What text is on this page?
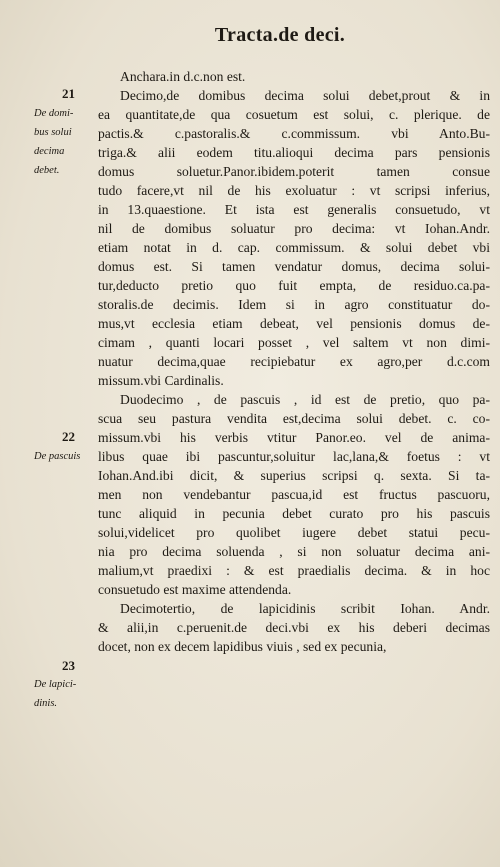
Tracta.de deci.
Anchara.in d.c.non est.
Decimo,de domibus decima solui debet,prout & in
ea quantitate,de qua cosuetum est solui, c. plerique. de
pactis.& c.pastoralis.& c.commissum. vbi Anto.Bu-
triga.& alii eodem titu.alioqui decima pars pensionis
domus soluetur.Panor.ibidem.poterit tamen consue
tudo facere,vt nil de his exoluatur : vt scripsi inferius,
in 13.quaestione. Et ista est generalis consuetudo, vt
nil de domibus soluatur pro decima: vt Iohan.Andr.
etiam notat in d. cap. commissum. & solui debet vbi
domus est. Si tamen vendatur domus, decima solui-
tur,deducto pretio quo fuit empta, de residuo.ca.pa-
storalis.de decimis. Idem si in agro constituatur do-
mus,vt ecclesia etiam debeat, vel pensionis domus de-
cimam , quanti locari posset , vel saltem vt non dimi-
nuatur decima,quae recipiebatur ex agro,per d.c.com
missum.vbi Cardinalis.
Duodecimo , de pascuis , id est de pretio, quo pa-
scua seu pastura vendita est,decima solui debet. c. co-
missum.vbi his verbis vtitur Panor.eo. vel de anima-
libus quae ibi pascuntur,soluitur lac,lana,& foetus : vt
Iohan.And.ibi dicit, & superius scripsi q. sexta. Si ta-
men non vendebantur pascua,id est fructus pascuoru,
tunc aliquid in pecunia debet curato pro his pascuis
solui,videlicet pro quolibet iugere debet statui pecu-
nia pro decima soluenda , si non soluatur decima ani-
malium,vt praedixi : & est praedialis decima. & in hoc
consuetudo est maxime attendenda.
Decimotertio, de lapicidinis scribit Iohan. Andr.
& alii,in c.peruenit.de deci.vbi ex his deberi decimas
docet, non ex decem lapidibus viuis , sed ex pecunia,
21
22
23
De domi-
bus solui
decima
debet.
De pascuis
De lapici-
dinis.
